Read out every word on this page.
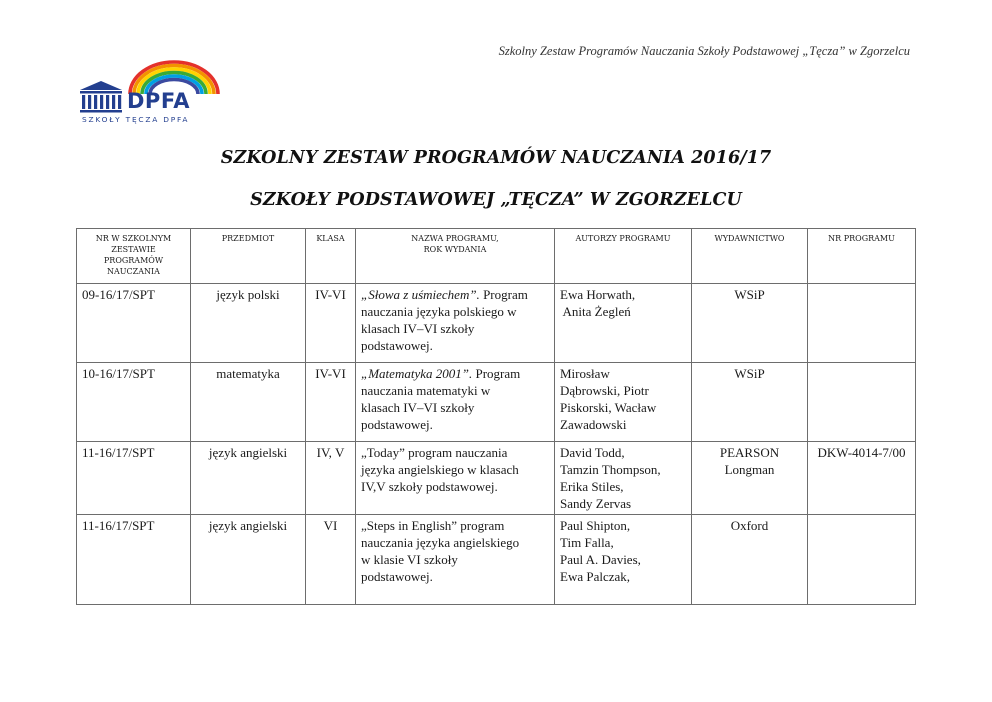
Szkolny Zestaw Programów Nauczania Szkoły Podstawowej „Tęcza” w Zgorzelcu
DPFA
SZKOŁY TĘCZA DPFA
SZKOLNY ZESTAW PROGRAMÓW NAUCZANIA 2016/17
SZKOŁY PODSTAWOWEJ „TĘCZA” W ZGORZELCU
NR W SZKOLNYM
ZESTAWIE
PROGRAMÓW
NAUCZANIA	PRZEDMIOT	KLASA	NAZWA PROGRAMU,
ROK WYDANIA	AUTORZY PROGRAMU	WYDAWNICTWO	NR PROGRAMU
09-16/17/SPT	język polski	IV-VI	„Słowa z uśmiechem”. Program
nauczania języka polskiego w
klasach IV–VI szkoły
podstawowej.	Ewa Horwath,
Anita Żegleń	WSiP	
10-16/17/SPT	matematyka	IV-VI	„Matematyka 2001”. Program
nauczania matematyki w
klasach IV–VI szkoły
podstawowej.	Mirosław
Dąbrowski, Piotr
Piskorski, Wacław
Zawadowski	WSiP	
11-16/17/SPT	język angielski	IV, V	„Today” program nauczania
języka angielskiego w klasach
IV,V szkoły podstawowej.	David Todd,
Tamzin Thompson,
Erika Stiles,
Sandy Zervas	PEARSON
Longman	DKW-4014-7/00
11-16/17/SPT	język angielski	VI	„Steps in English” program
nauczania języka angielskiego
w klasie VI szkoły
podstawowej.	Paul Shipton,
Tim Falla,
Paul A. Davies,
Ewa Palczak,	Oxford	
